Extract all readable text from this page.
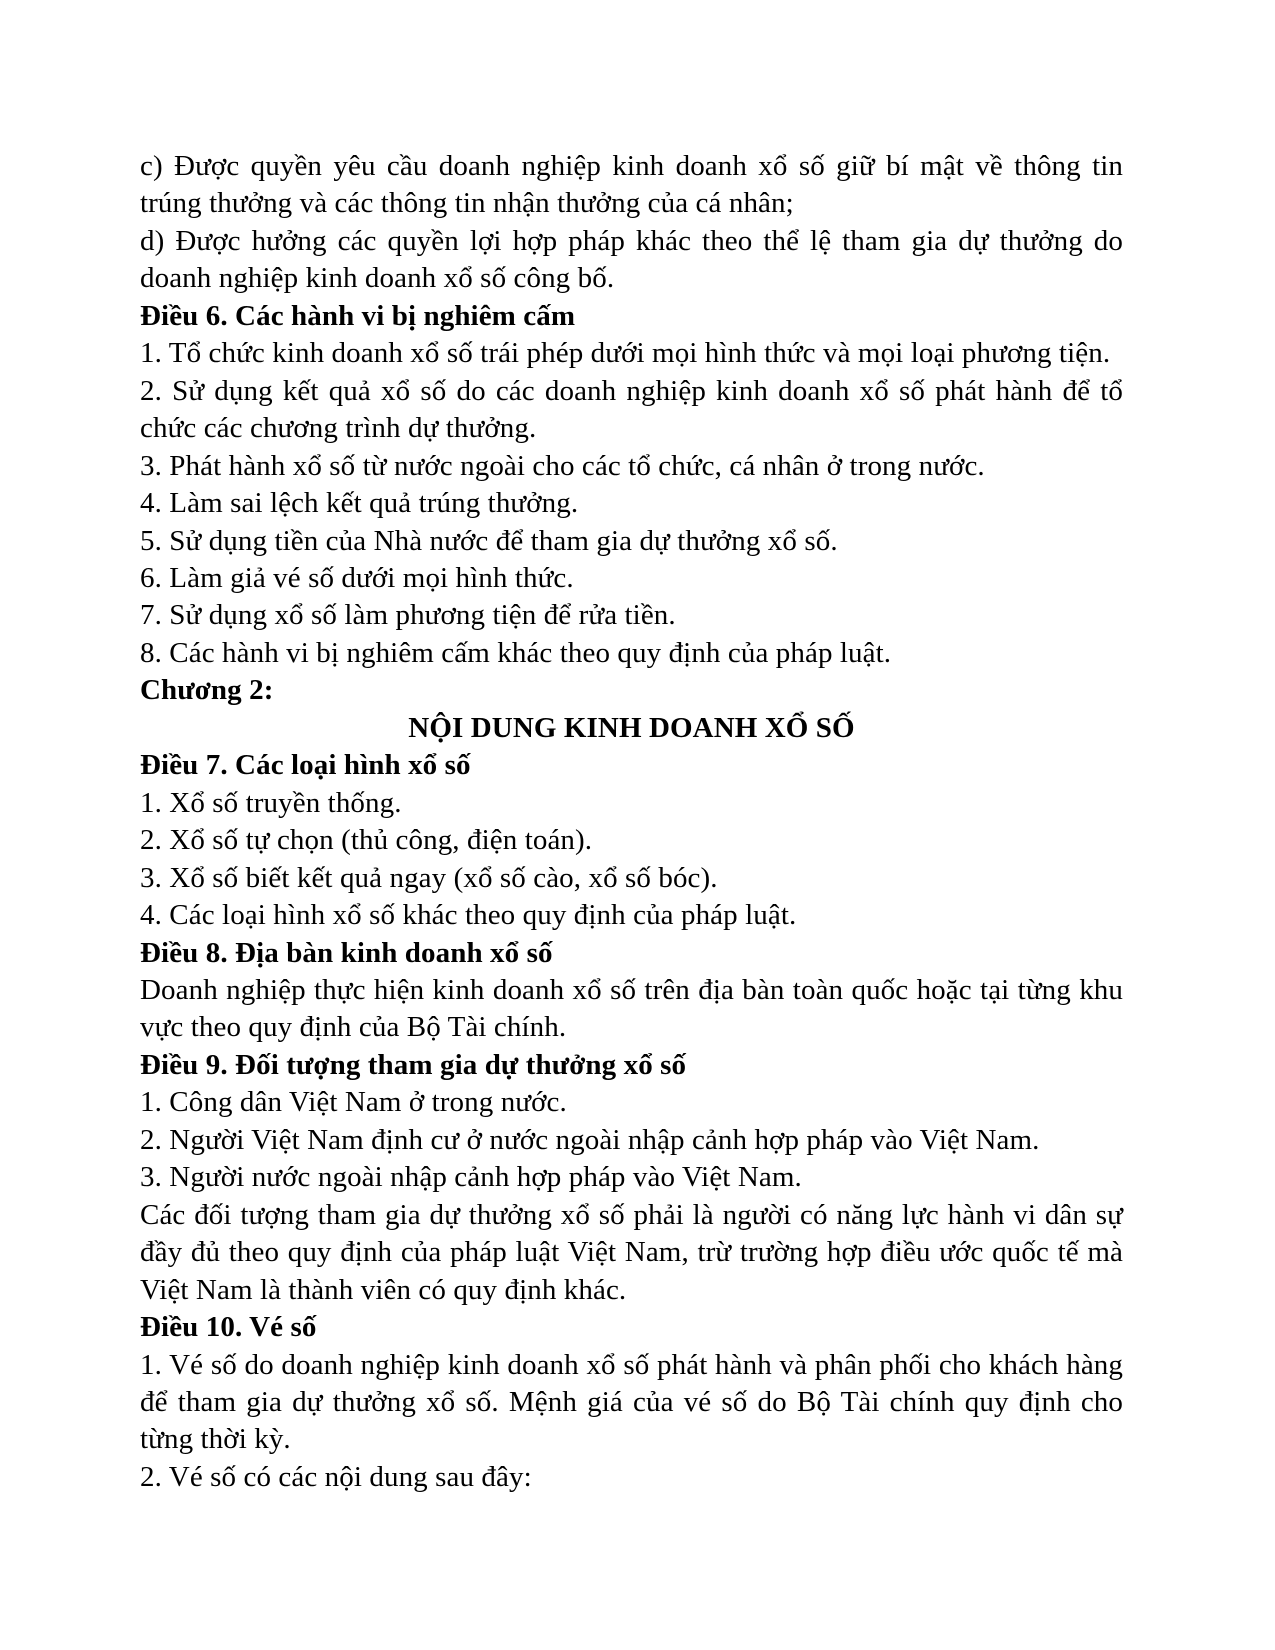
c) Được quyền yêu cầu doanh nghiệp kinh doanh xổ số giữ bí mật về thông tin trúng thưởng và các thông tin nhận thưởng của cá nhân;

d) Được hưởng các quyền lợi hợp pháp khác theo thể lệ tham gia dự thưởng do doanh nghiệp kinh doanh xổ số công bố.

Điều 6. Các hành vi bị nghiêm cấm

1. Tổ chức kinh doanh xổ số trái phép dưới mọi hình thức và mọi loại phương tiện.

2. Sử dụng kết quả xổ số do các doanh nghiệp kinh doanh xổ số phát hành để tổ chức các chương trình dự thưởng.

3. Phát hành xổ số từ nước ngoài cho các tổ chức, cá nhân ở trong nước.

4. Làm sai lệch kết quả trúng thưởng.

5. Sử dụng tiền của Nhà nước để tham gia dự thưởng xổ số.

6. Làm giả vé số dưới mọi hình thức.

7. Sử dụng xổ số làm phương tiện để rửa tiền.

8. Các hành vi bị nghiêm cấm khác theo quy định của pháp luật.

Chương 2:

NỘI DUNG KINH DOANH XỔ SỐ

Điều 7. Các loại hình xổ số

1. Xổ số truyền thống.

2. Xổ số tự chọn (thủ công, điện toán).

3. Xổ số biết kết quả ngay (xổ số cào, xổ số bóc).

4. Các loại hình xổ số khác theo quy định của pháp luật.

Điều 8. Địa bàn kinh doanh xổ số

Doanh nghiệp thực hiện kinh doanh xổ số trên địa bàn toàn quốc hoặc tại từng khu vực theo quy định của Bộ Tài chính.

Điều 9. Đối tượng tham gia dự thưởng xổ số

1. Công dân Việt Nam ở trong nước.

2. Người Việt Nam định cư ở nước ngoài nhập cảnh hợp pháp vào Việt Nam.

3. Người nước ngoài nhập cảnh hợp pháp vào Việt Nam.

Các đối tượng tham gia dự thưởng xổ số phải là người có năng lực hành vi dân sự đầy đủ theo quy định của pháp luật Việt Nam, trừ trường hợp điều ước quốc tế mà Việt Nam là thành viên có quy định khác.

Điều 10. Vé số

1. Vé số do doanh nghiệp kinh doanh xổ số phát hành và phân phối cho khách hàng để tham gia dự thưởng xổ số. Mệnh giá của vé số do Bộ Tài chính quy định cho từng thời kỳ.

2. Vé số có các nội dung sau đây:
